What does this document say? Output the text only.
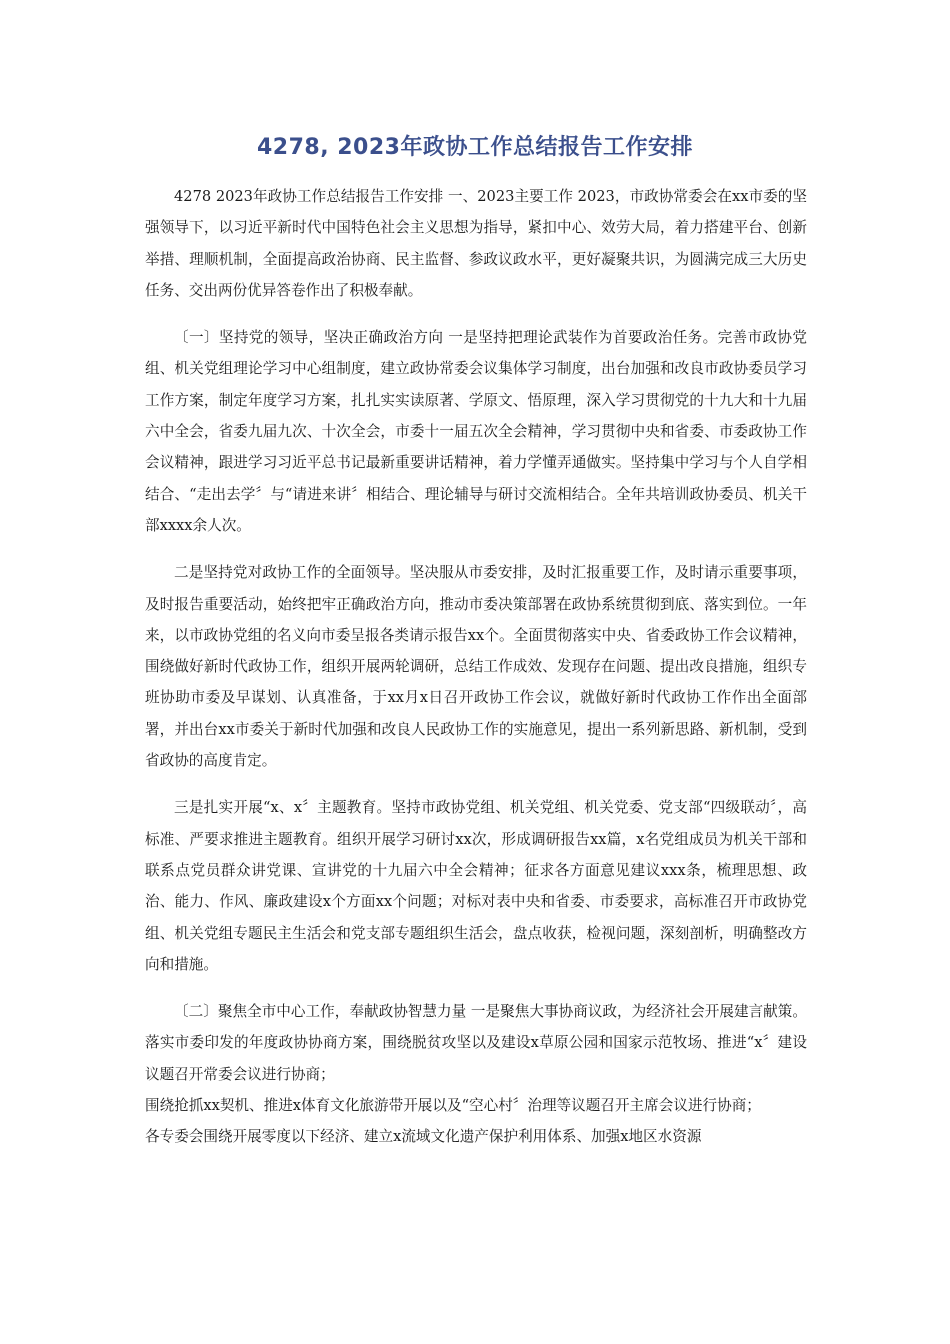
4278, 2023年政协工作总结报告工作安排

4278 2023年政协工作总结报告工作安排 一、2023主要工作 2023，市政协常委会在xx市委的坚强领导下，以习近平新时代中国特色社会主义思想为指导，紧扣中心、效劳大局，着力搭建平台、创新举措、理顺机制，全面提高政治协商、民主监督、参政议政水平，更好凝聚共识，为圆满完成三大历史任务、交出两份优异答卷作出了积极奉献。

〔一〕坚持党的领导，坚决正确政治方向 一是坚持把理论武装作为首要政治任务。完善市政协党组、机关党组理论学习中心组制度，建立政协常委会议集体学习制度，出台加强和改良市政协委员学习工作方案，制定年度学习方案，扎扎实实读原著、学原文、悟原理，深入学习贯彻党的十九大和十九届六中全会，省委九届九次、十次全会，市委十一届五次全会精神，学习贯彻中央和省委、市委政协工作会议精神，跟进学习习近平总书记最新重要讲话精神，着力学懂弄通做实。坚持集中学习与个人自学相结合、“走出去学〞与“请进来讲〞相结合、理论辅导与研讨交流相结合。全年共培训政协委员、机关干部xxxx余人次。

二是坚持党对政协工作的全面领导。坚决服从市委安排，及时汇报重要工作，及时请示重要事项，及时报告重要活动，始终把牢正确政治方向，推动市委决策部署在政协系统贯彻到底、落实到位。一年来，以市政协党组的名义向市委呈报各类请示报告xx个。全面贯彻落实中央、省委政协工作会议精神，围绕做好新时代政协工作，组织开展两轮调研，总结工作成效、发现存在问题、提出改良措施，组织专班协助市委及早谋划、认真准备，于xx月x日召开政协工作会议，就做好新时代政协工作作出全面部署，并出台xx市委关于新时代加强和改良人民政协工作的实施意见，提出一系列新思路、新机制，受到省政协的高度肯定。

三是扎实开展“x、x〞主题教育。坚持市政协党组、机关党组、机关党委、党支部“四级联动〞，高标准、严要求推进主题教育。组织开展学习研讨xx次，形成调研报告xx篇，x名党组成员为机关干部和联系点党员群众讲党课、宣讲党的十九届六中全会精神；征求各方面意见建议xxx条，梳理思想、政治、能力、作风、廉政建设x个方面xx个问题；对标对表中央和省委、市委要求，高标准召开市政协党组、机关党组专题民主生活会和党支部专题组织生活会，盘点收获，检视问题，深刻剖析，明确整改方向和措施。

〔二〕聚焦全市中心工作，奉献政协智慧力量 一是聚焦大事协商议政，为经济社会开展建言献策。落实市委印发的年度政协协商方案，围绕脱贫攻坚以及建设x草原公园和国家示范牧场、推进“x〞建设议题召开常委会议进行协商；

围绕抢抓xx契机、推进x体育文化旅游带开展以及“空心村〞治理等议题召开主席会议进行协商；

各专委会围绕开展零度以下经济、建立x流域文化遗产保护利用体系、加强x地区水资源
